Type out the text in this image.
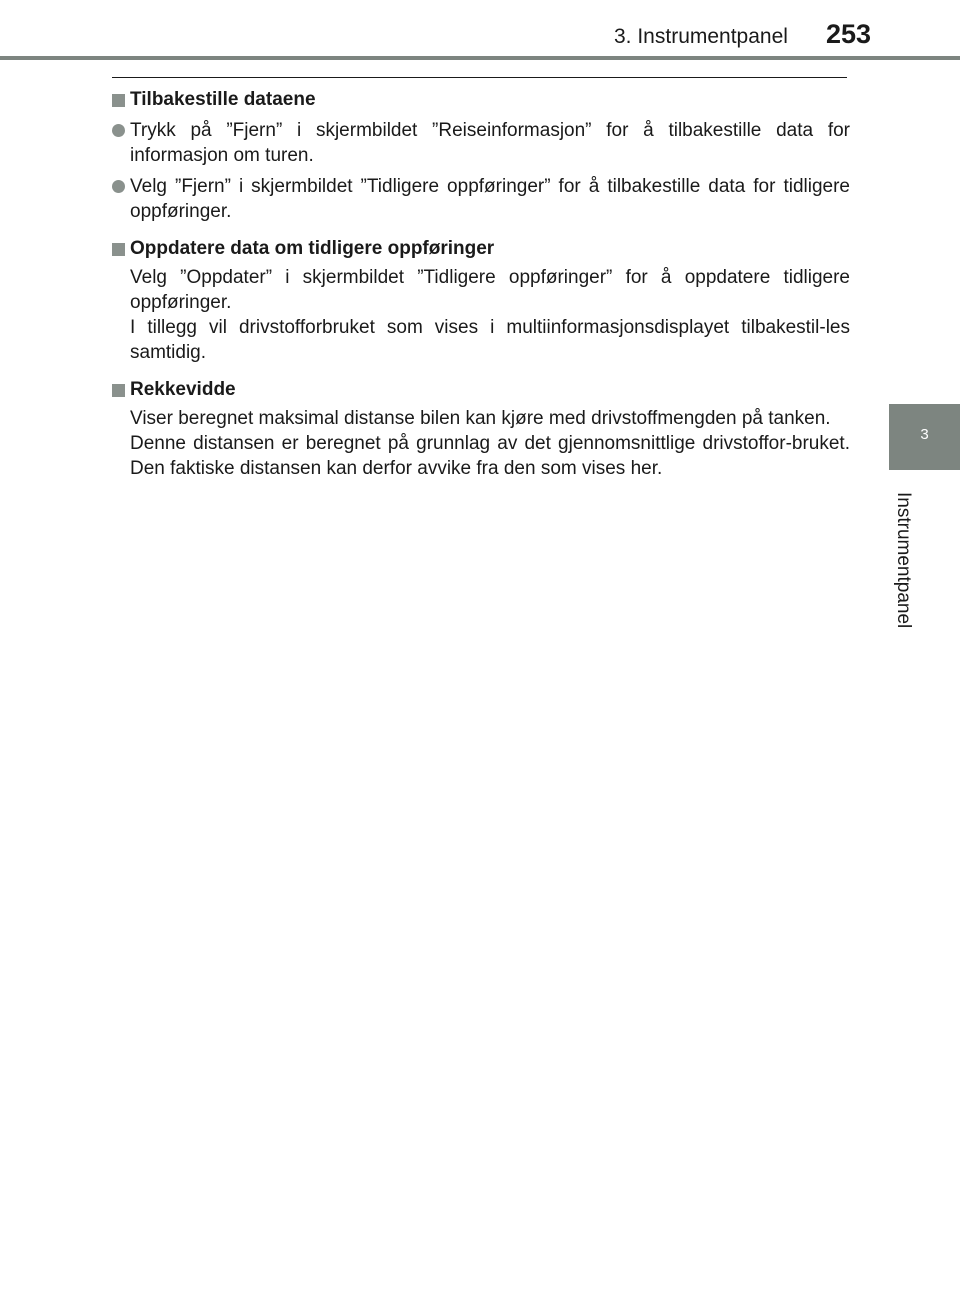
3. Instrumentpanel 253
3
Instrumentpanel

Tilbakestille dataene

Trykk på ”Fjern” i skjermbildet ”Reiseinformasjon” for å tilbakestille data for informasjon om turen.

Velg ”Fjern” i skjermbildet ”Tidligere oppføringer” for å tilbakestille data for tidligere oppføringer.

Oppdatere data om tidligere oppføringer

Velg ”Oppdater” i skjermbildet ”Tidligere oppføringer” for å oppdatere tidligere oppføringer.
I tillegg vil drivstofforbruket som vises i multiinformasjonsdisplayet tilbakestil-les samtidig.

Rekkevidde

Viser beregnet maksimal distanse bilen kan kjøre med drivstoffmengden på tanken.
Denne distansen er beregnet på grunnlag av det gjennomsnittlige drivstoffor-bruket. Den faktiske distansen kan derfor avvike fra den som vises her.
